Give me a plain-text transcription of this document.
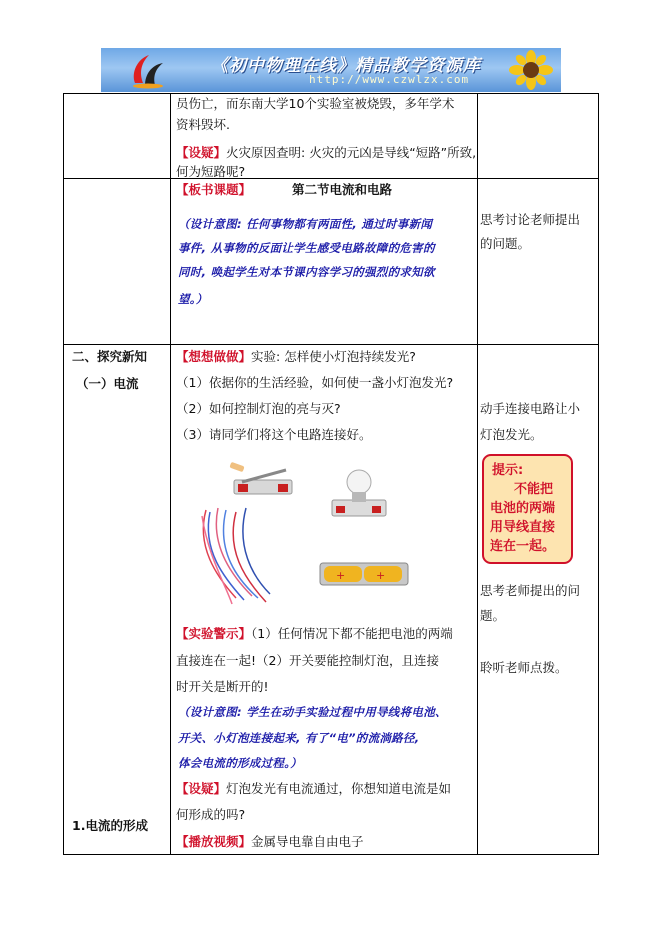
《初中物理在线》精品教学资源库
http://www.czwlzx.com
员伤亡，而东南大学10个实验室被烧毁，多年学术
资料毁坏.
【设疑】火灾原因查明: 火灾的元凶是导线“短路”所致,
何为短路呢?
【板书课题】	第二节电流和电路
（设计意图: 任何事物都有两面性, 通过时事新闻
事件, 从事物的反面让学生感受电路故障的危害的
同时, 唤起学生对本节课内容学习的强烈的求知欲
望。）
思考讨论老师提出
的问题。
二、探究新知
（一）电流
1.电流的形成
【想想做做】实验: 怎样使小灯泡持续发光?
（1）依据你的生活经验，如何使一盏小灯泡发光?
（2）如何控制灯泡的亮与灭?
（3）请同学们将这个电路连接好。
+	+
【实验警示】（1）任何情况下都不能把电池的两端
直接连在一起!（2）开关要能控制灯泡，且连接
时开关是断开的!
（设计意图: 学生在动手实验过程中用导线将电池、
开关、小灯泡连接起来, 有了“电”的流淌路径,
体会电流的形成过程。）
【设疑】灯泡发光有电流通过，你想知道电流是如
何形成的吗?
【播放视频】金属导电靠自由电子
动手连接电路让小
灯泡发光。
提示:
不能把
电池的两端
用导线直接
连在一起。
思考老师提出的问
题。
聆听老师点拨。
